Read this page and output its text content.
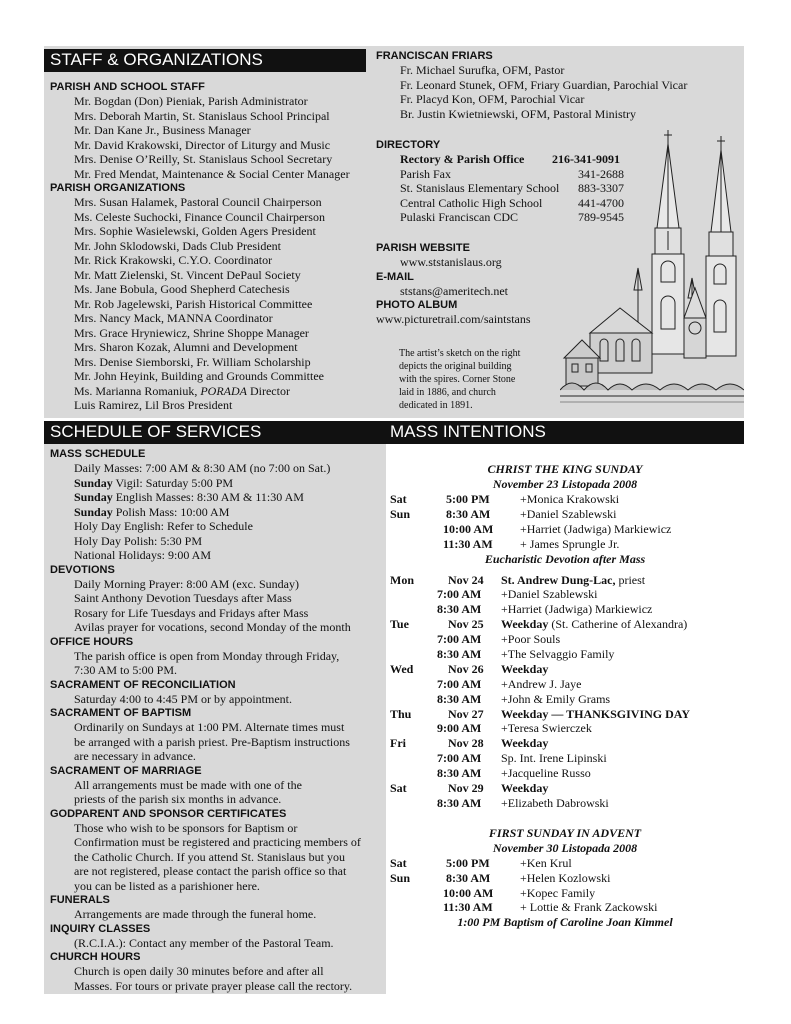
STAFF & ORGANIZATIONS
PARISH AND SCHOOL STAFF
Mr. Bogdan (Don) Pieniak, Parish Administrator
Mrs. Deborah Martin, St. Stanislaus School Principal
Mr. Dan Kane Jr., Business Manager
Mr. David Krakowski, Director of Liturgy and Music
Mrs. Denise O’Reilly, St. Stanislaus School Secretary
Mr. Fred Mendat, Maintenance & Social Center Manager
PARISH ORGANIZATIONS
Mrs. Susan Halamek, Pastoral Council Chairperson
Ms. Celeste Suchocki, Finance Council Chairperson
Mrs. Sophie Wasielewski, Golden Agers President
Mr. John Sklodowski, Dads Club President
Mr. Rick Krakowski, C.Y.O. Coordinator
Mr. Matt Zielenski, St. Vincent DePaul Society
Ms. Jane Bobula, Good Shepherd Catechesis
Mr. Rob Jagelewski, Parish Historical Committee
Mrs. Nancy Mack, MANNA Coordinator
Mrs. Grace Hryniewicz, Shrine Shoppe Manager
Mrs. Sharon Kozak, Alumni and Development
Mrs. Denise Siemborski, Fr. William Scholarship
Mr. John Heyink, Building and Grounds Committee
Ms. Marianna Romaniuk, PORADA Director
Luis Ramirez, Lil Bros President
FRANCISCAN FRIARS
Fr. Michael Surufka, OFM, Pastor
Fr. Leonard Stunek, OFM, Friary Guardian, Parochial Vicar
Fr. Placyd Kon, OFM, Parochial Vicar
Br. Justin Kwietniewski, OFM, Pastoral Ministry
DIRECTORY
Rectory & Parish Office 216-341-9091
Parish Fax	341-2688
St. Stanislaus Elementary School 883-3307
Central Catholic High School	441-4700
Pulaski Franciscan CDC	789-9545
PARISH WEBSITE
www.ststanislaus.org
E-MAIL
ststans@ameritech.net
PHOTO ALBUM
www.picturetrail.com/saintstans
The artist’s sketch on the right
depicts the original building
with the spires. Corner Stone
laid in 1886, and church
dedicated in 1891.
SCHEDULE OF SERVICES	MASS INTENTIONS
MASS SCHEDULE
Daily Masses: 7:00 AM & 8:30 AM (no 7:00 on Sat.)
Sunday Vigil: Saturday 5:00 PM
Sunday English Masses: 8:30 AM & 11:30 AM
Sunday Polish Mass: 10:00 AM
Holy Day English: Refer to Schedule
Holy Day Polish: 5:30 PM
National Holidays: 9:00 AM
DEVOTIONS
Daily Morning Prayer: 8:00 AM (exc. Sunday)
Saint Anthony Devotion Tuesdays after Mass
Rosary for Life Tuesdays and Fridays after Mass
Avilas prayer for vocations, second Monday of the month
OFFICE HOURS
The parish office is open from Monday through Friday,
7:30 AM to 5:00 PM.
SACRAMENT OF RECONCILIATION
Saturday 4:00 to 4:45 PM or by appointment.
SACRAMENT OF BAPTISM
Ordinarily on Sundays at 1:00 PM. Alternate times must
be arranged with a parish priest. Pre-Baptism instructions
are necessary in advance.
SACRAMENT OF MARRIAGE
All arrangements must be made with one of the
priests of the parish six months in advance.
GODPARENT AND SPONSOR CERTIFICATES
Those who wish to be sponsors for Baptism or
Confirmation must be registered and practicing members of
the Catholic Church. If you attend St. Stanislaus but you
are not registered, please contact the parish office so that
you can be listed as a parishioner here.
FUNERALS
Arrangements are made through the funeral home.
INQUIRY CLASSES
(R.C.I.A.): Contact any member of the Pastoral Team.
CHURCH HOURS
Church is open daily 30 minutes before and after all
Masses. For tours or private prayer please call the rectory.
CHRIST THE KING SUNDAY
November 23 Listopada 2008
Sat	5:00 PM	+Monica Krakowski
Sun	8:30 AM +Daniel Szablewski
10:00 AM +Harriet (Jadwiga) Markiewicz
11:30 AM + James Sprungle Jr.
Eucharistic Devotion after Mass
Mon	Nov 24 St. Andrew Dung-Lac, priest
7:00 AM +Daniel Szablewski
8:30 AM +Harriet (Jadwiga) Markiewicz
Tue	Nov 25 Weekday (St. Catherine of Alexandra)
7:00 AM +Poor Souls
8:30 AM +The Selvaggio Family
Wed	Nov 26 Weekday
7:00 AM +Andrew J. Jaye
8:30 AM +John & Emily Grams
Thu	Nov 27 Weekday — THANKSGIVING DAY
9:00 AM +Teresa Swierczek
Fri	Nov 28 Weekday
7:00 AM Sp. Int. Irene Lipinski
8:30 AM +Jacqueline Russo
Sat	Nov 29 Weekday
8:30 AM +Elizabeth Dabrowski
FIRST SUNDAY IN ADVENT
November 30 Listopada 2008
Sat	5:00 PM	+Ken Krul
Sun	8:30 AM +Helen Kozlowski
10:00 AM +Kopec Family
11:30 AM + Lottie & Frank Zackowski
1:00 PM Baptism of Caroline Joan Kimmel
